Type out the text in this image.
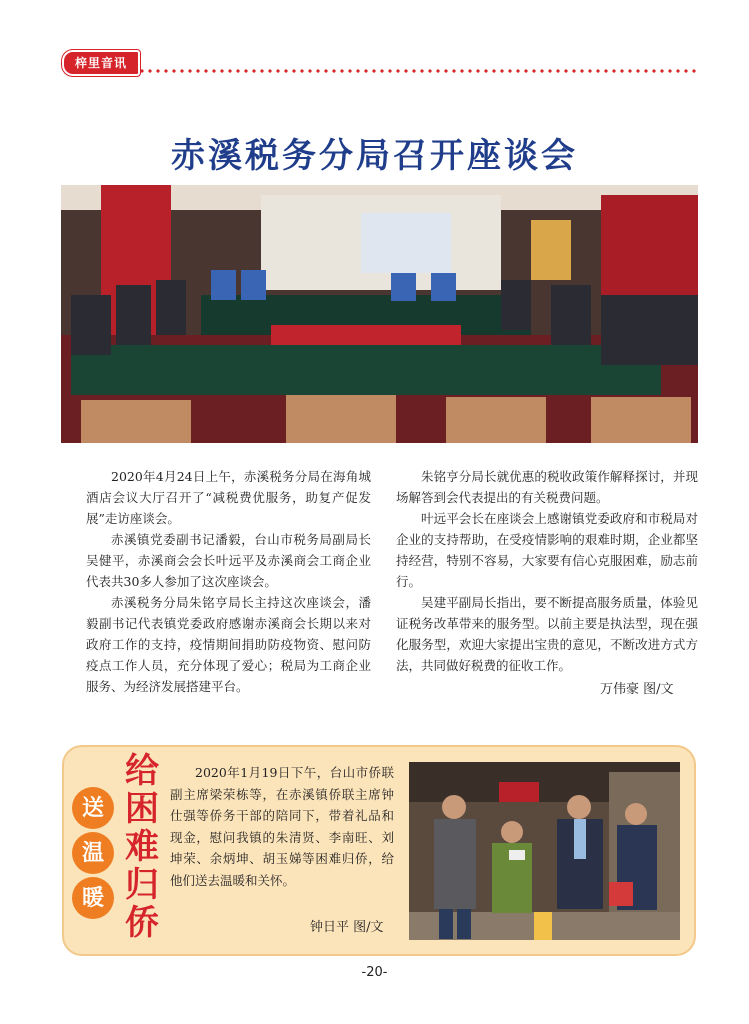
梓里音讯
赤溪税务分局召开座谈会

2020年4月24日上午，赤溪税务分局在海角城酒店会议大厅召开了“减税费优服务，助复产促发展”走访座谈会。

赤溪镇党委副书记潘毅，台山市税务局副局长吴健平，赤溪商会会长叶远平及赤溪商会工商企业代表共30多人参加了这次座谈会。

赤溪税务分局朱铭亨局长主持这次座谈会，潘毅副书记代表镇党委政府感谢赤溪商会长期以来对政府工作的支持，疫情期间捐助防疫物资、慰问防疫点工作人员，充分体现了爱心；税局为工商企业服务、为经济发展搭建平台。

朱铭亨分局长就优惠的税收政策作解释探讨，并现场解答到会代表提出的有关税费问题。

叶远平会长在座谈会上感谢镇党委政府和市税局对企业的支持帮助，在受疫情影响的艰难时期，企业都坚持经营，特别不容易，大家要有信心克服困难，励志前行。

吴建平副局长指出，要不断提高服务质量，体验见证税务改革带来的服务型。以前主要是执法型，现在强化服务型，欢迎大家提出宝贵的意见，不断改进方式方法，共同做好税费的征收工作。

万伟豪 图/文
送
温
暖
给
困
难
归
侨

2020年1月19日下午，台山市侨联副主席梁荣栋等，在赤溪镇侨联主席钟仕强等侨务干部的陪同下，带着礼品和现金，慰问我镇的朱清贤、李南旺、刘坤荣、余炳坤、胡玉娣等困难归侨，给他们送去温暖和关怀。

钟日平 图/文
-20-
